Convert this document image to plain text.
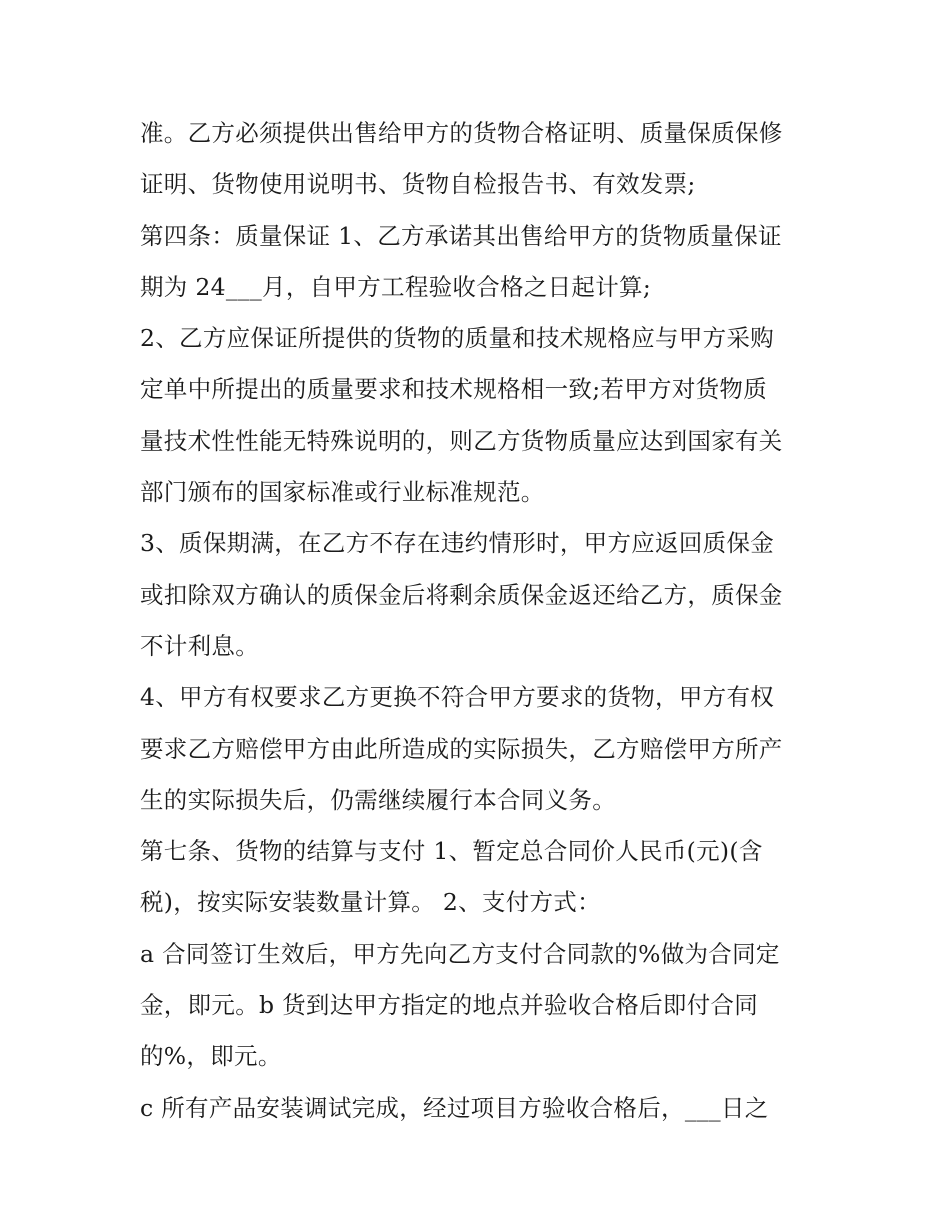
准。乙方必须提供出售给甲方的货物合格证明、质量保质保修
证明、货物使用说明书、货物自检报告书、有效发票;
第四条：质量保证 1、乙方承诺其出售给甲方的货物质量保证
期为 24___月，自甲方工程验收合格之日起计算;
2、乙方应保证所提供的货物的质量和技术规格应与甲方采购
定单中所提出的质量要求和技术规格相一致;若甲方对货物质
量技术性性能无特殊说明的，则乙方货物质量应达到国家有关
部门颁布的国家标准或行业标准规范。
3、质保期满，在乙方不存在违约情形时，甲方应返回质保金
或扣除双方确认的质保金后将剩余质保金返还给乙方，质保金
不计利息。
4、甲方有权要求乙方更换不符合甲方要求的货物，甲方有权
要求乙方赔偿甲方由此所造成的实际损失，乙方赔偿甲方所产
生的实际损失后，仍需继续履行本合同义务。
第七条、货物的结算与支付 1、暂定总合同价人民币(元)(含
税)，按实际安装数量计算。 2、支付方式：
a 合同签订生效后，甲方先向乙方支付合同款的%做为合同定
金，即元。b 货到达甲方指定的地点并验收合格后即付合同
的%，即元。
c 所有产品安装调试完成，经过项目方验收合格后，___日之
